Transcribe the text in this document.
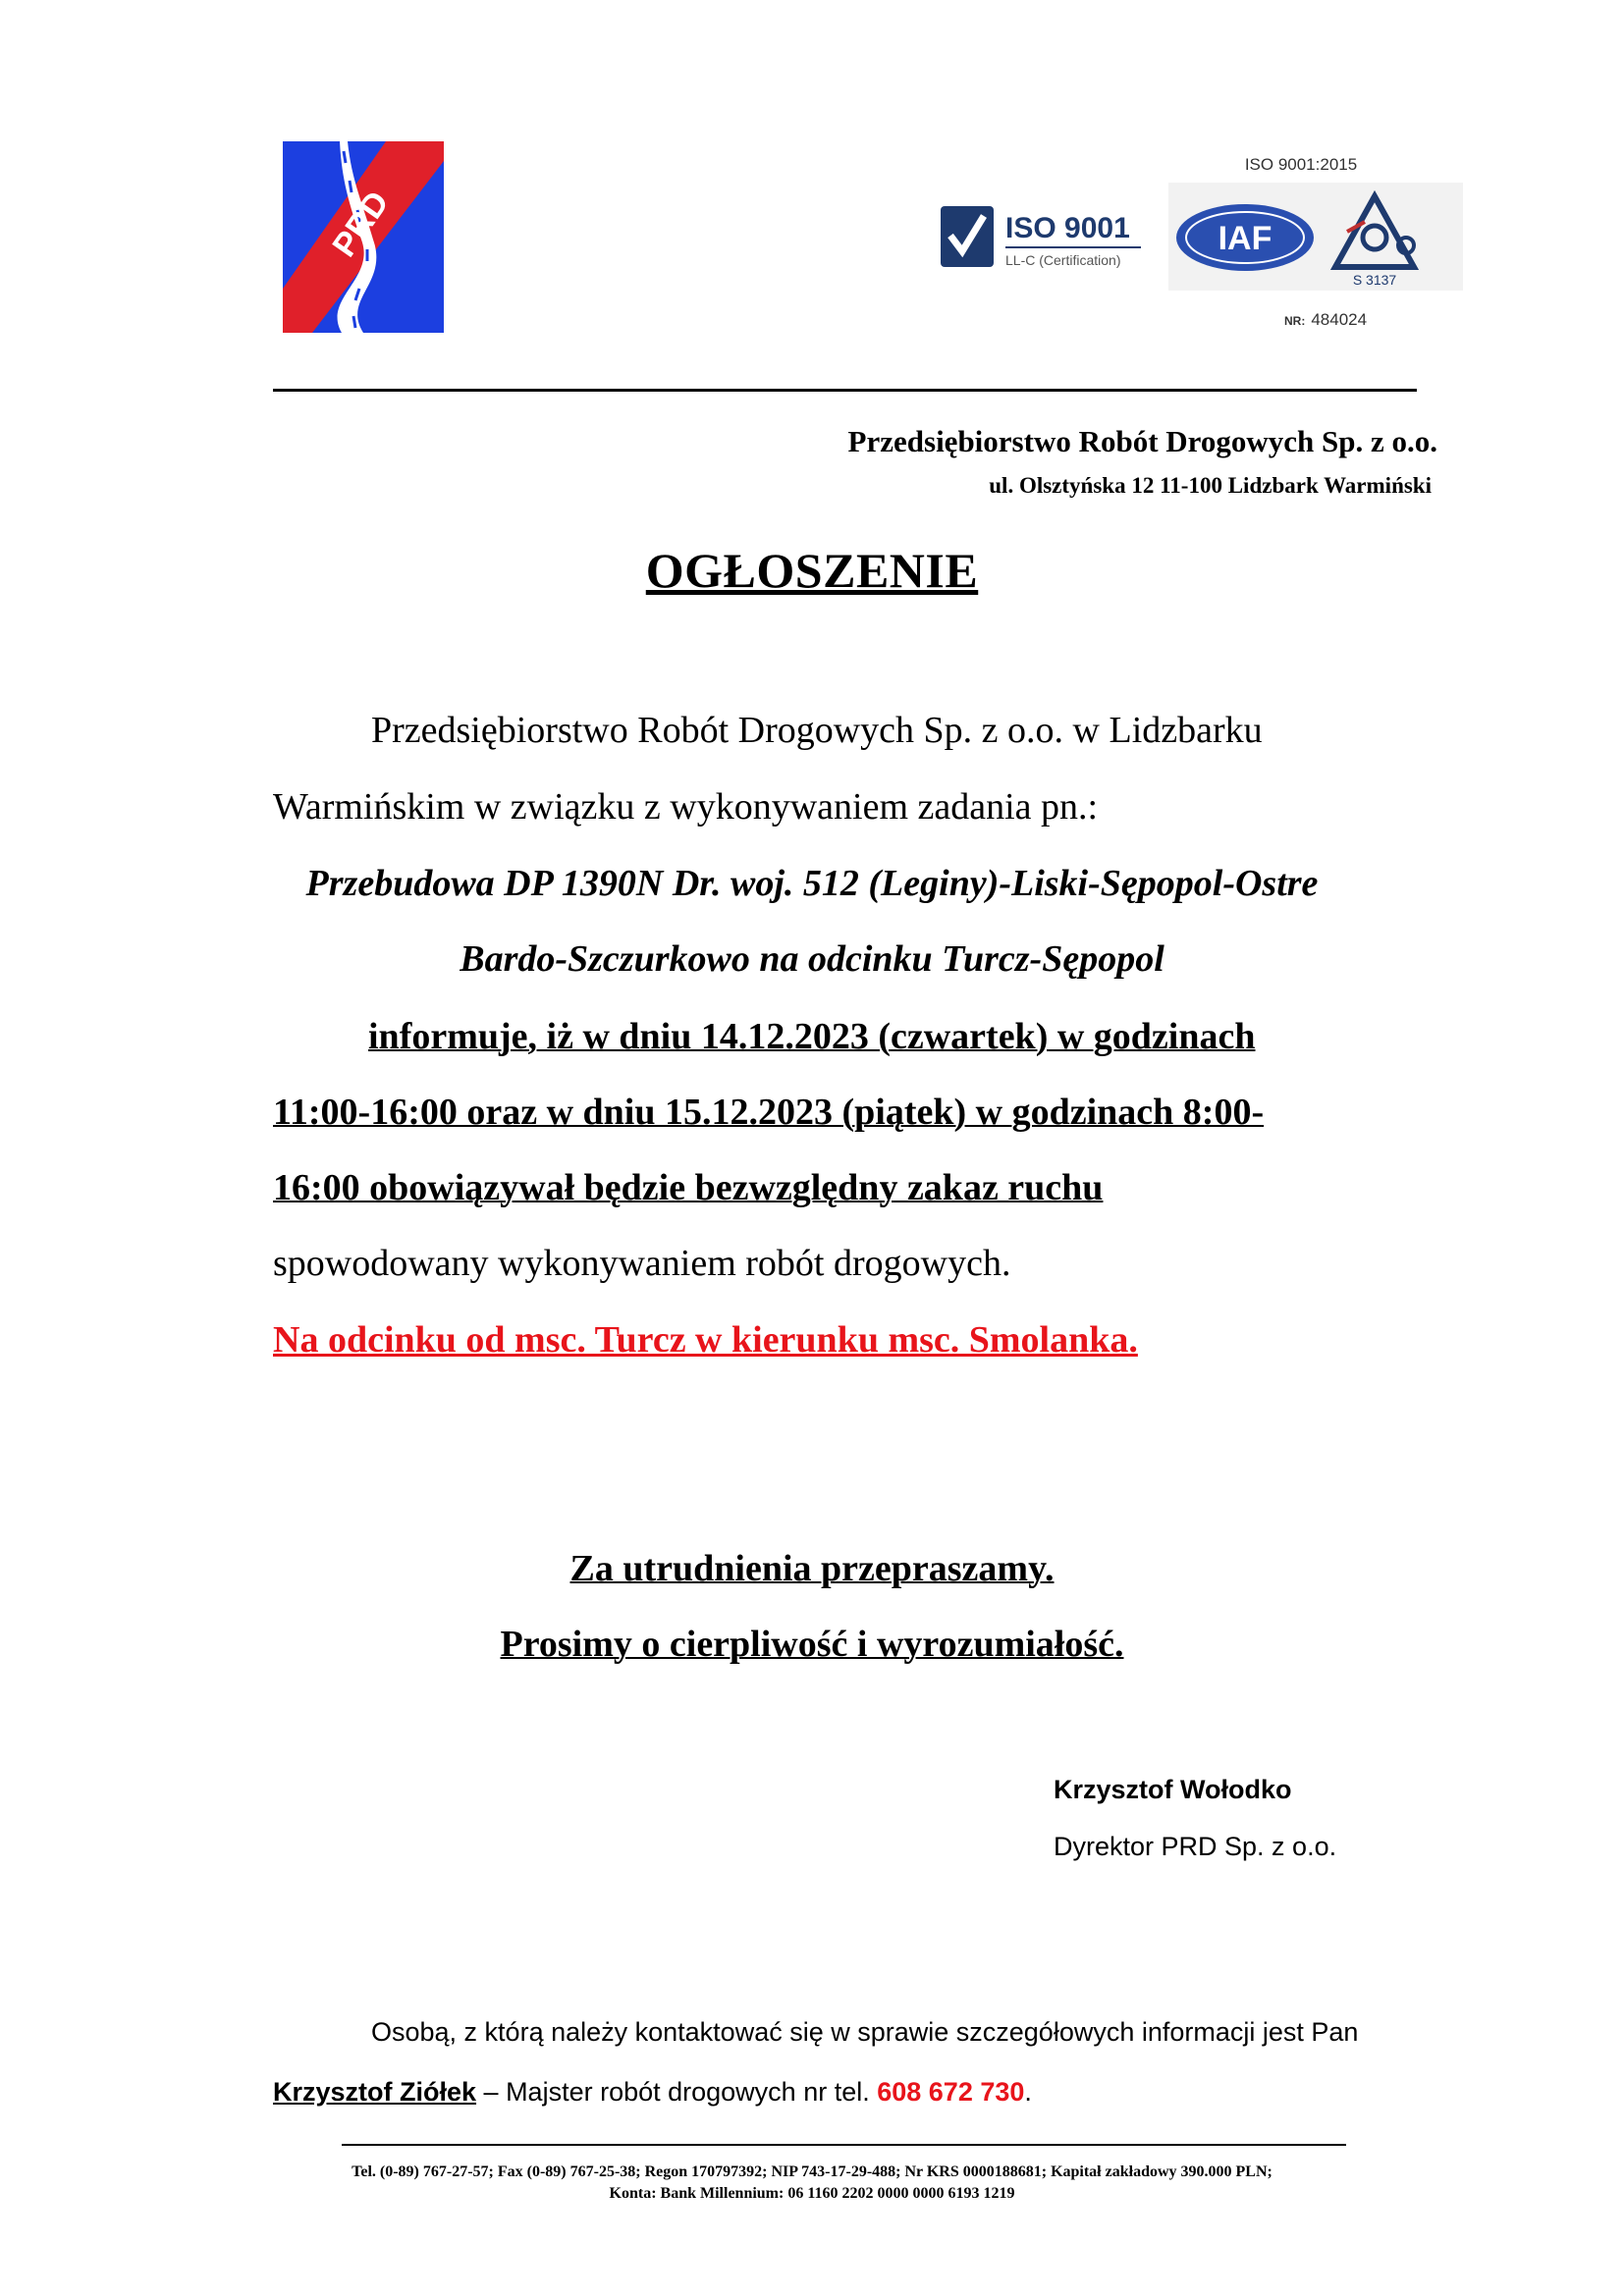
PRD	ISO 9001
LL-C (Certification)
ISO 9001:2015
IAF
S 3137
NR: 484024
Przedsiębiorstwo Robót Drogowych Sp. z o.o.
ul. Olsztyńska 12 11-100 Lidzbark Warmiński
OGŁOSZENIE
Przedsiębiorstwo Robót Drogowych Sp. z o.o. w Lidzbarku
Warmińskim w związku z wykonywaniem zadania pn.:
Przebudowa DP 1390N Dr. woj. 512 (Leginy)-Liski-Sępopol-Ostre
Bardo-Szczurkowo na odcinku Turcz-Sępopol
informuje, iż w dniu 14.12.2023 (czwartek) w godzinach
11:00-16:00 oraz w dniu 15.12.2023 (piątek) w godzinach 8:00-
16:00 obowiązywał będzie bezwzględny zakaz ruchu
spowodowany wykonywaniem robót drogowych.
Na odcinku od msc. Turcz w kierunku msc. Smolanka.
Za utrudnienia przepraszamy.
Prosimy o cierpliwość i wyrozumiałość.
Krzysztof Wołodko
Dyrektor PRD Sp. z o.o.
Osobą, z którą należy kontaktować się w sprawie szczegółowych informacji jest Pan
Krzysztof Ziółek – Majster robót drogowych nr tel. 608 672 730.
Tel. (0-89) 767-27-57; Fax (0-89) 767-25-38; Regon 170797392; NIP 743-17-29-488; Nr KRS 0000188681; Kapitał zakładowy 390.000 PLN;
Konta: Bank Millennium: 06 1160 2202 0000 0000 6193 1219
